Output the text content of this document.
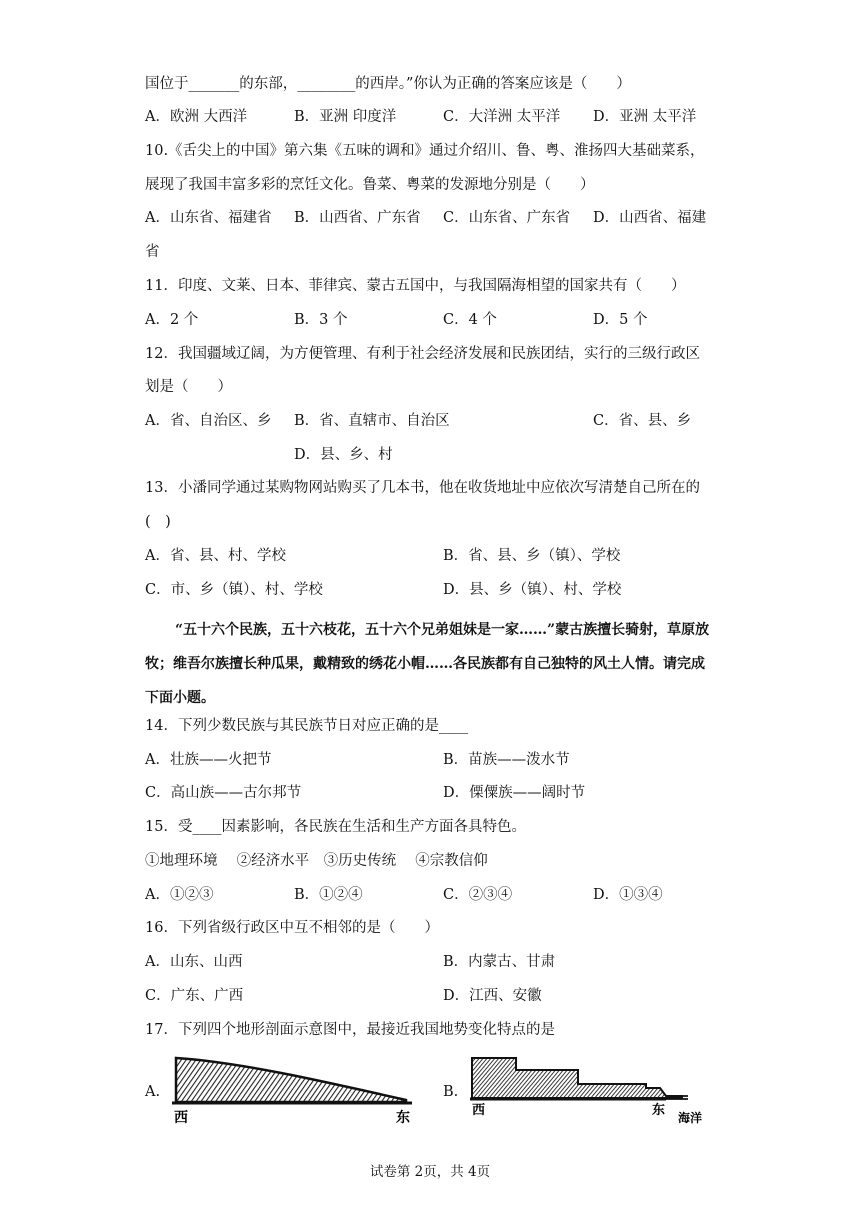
国位于_______的东部，________的西岸。”你认为正确的答案应该是（　　）
A．欧洲 大西洋	B．亚洲 印度洋	C．大洋洲 太平洋 D．亚洲 太平洋
10.《舌尖上的中国》第六集《五味的调和》通过介绍川、鲁、粤、淮扬四大基础菜系，
展现了我国丰富多彩的烹饪文化。鲁菜、粤菜的发源地分别是（　　）
A．山东省、福建省 B．山西省、广东省 C．山东省、广东省 D．山西省、福建
省
11．印度、文莱、日本、菲律宾、蒙古五国中，与我国隔海相望的国家共有（　　）
A．2 个	B．3 个	C．4 个	D．5 个
12．我国疆域辽阔，为方便管理、有利于社会经济发展和民族团结，实行的三级行政区
划是（　　）
A．省、自治区、乡 B．省、直辖市、自治区	C．省、县、乡
D．县、乡、村
13．小潘同学通过某购物网站购买了几本书，他在收货地址中应依次写清楚自己所在的
(　)
A．省、县、村、学校	B．省、县、乡（镇）、学校
C．市、乡（镇）、村、学校	D．县、乡（镇）、村、学校
“五十六个民族，五十六枝花，五十六个兄弟姐妹是一家……”蒙古族擅长骑射，草原放牧；维吾尔族擅长种瓜果，戴精致的绣花小帽……各民族都有自己独特的风土人情。请完成下面小题。
14．下列少数民族与其民族节日对应正确的是____
A．壮族——火把节	B．苗族——泼水节
C．高山族——古尔邦节	D．傈僳族——阔时节
15．受____因素影响，各民族在生活和生产方面各具特色。
①地理环境　 ②经济水平　③历史传统　 ④宗教信仰
A．①②③	B．①②④	C．②③④	D．①③④
16．下列省级行政区中互不相邻的是（　　）
A．山东、山西	B．内蒙古、甘肃
C．广东、广西	D．江西、安徽
17．下列四个地形剖面示意图中，最接近我国地势变化特点的是
A.
西	东
B.
西	东 海洋
试卷第 2页，共 4页
